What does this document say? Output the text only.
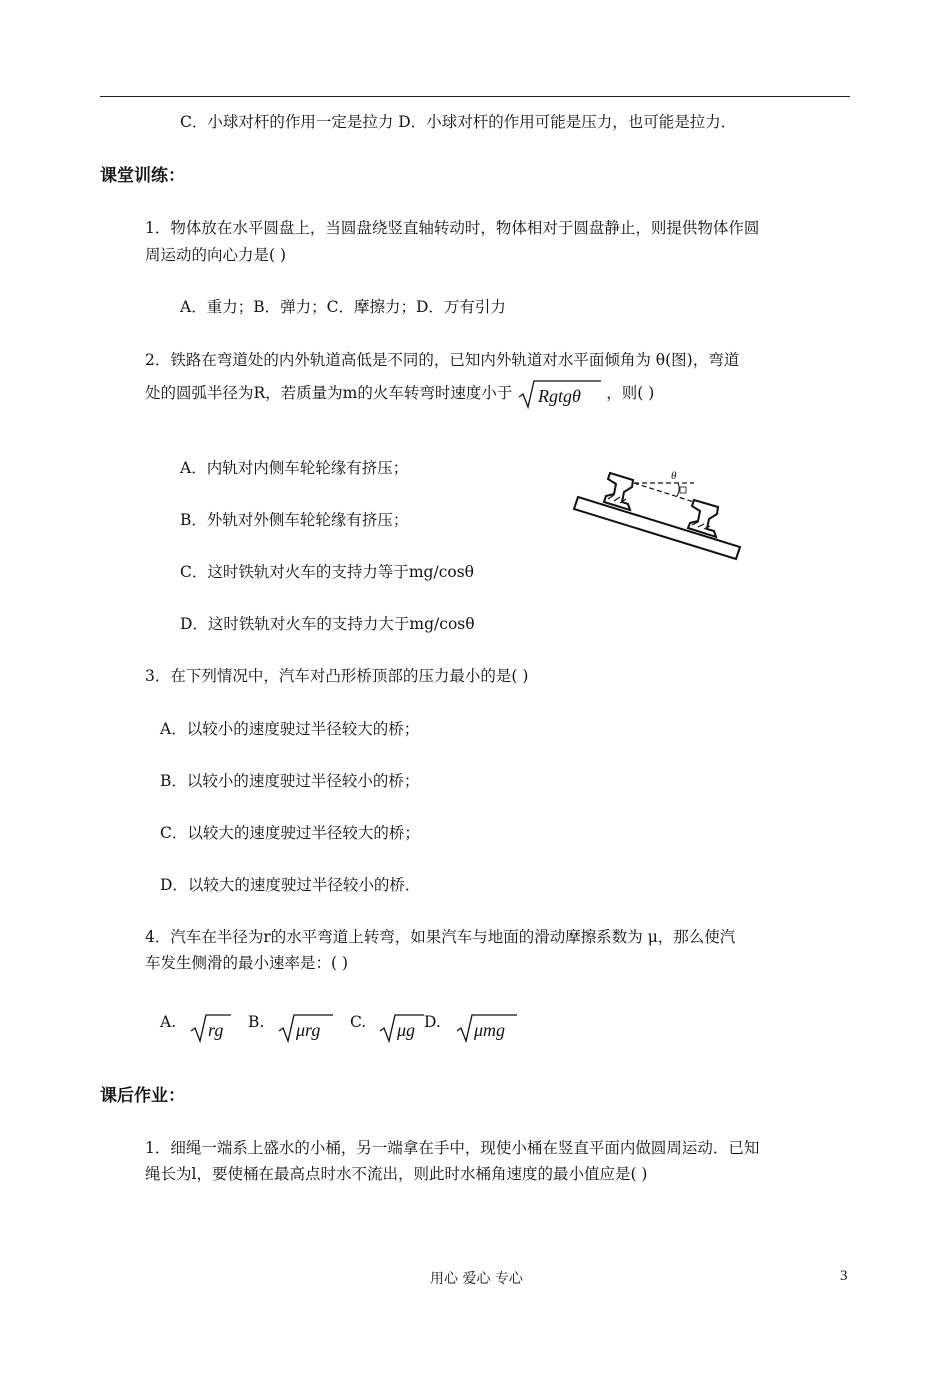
C．小球对杆的作用一定是拉力 D．小球对杆的作用可能是压力，也可能是拉力．
课堂训练：
1．物体放在水平圆盘上，当圆盘绕竖直轴转动时，物体相对于圆盘静止，则提供物体作圆
周运动的向心力是( )
A．重力；B．弹力；C．摩擦力；D．万有引力
2．铁路在弯道处的内外轨道高低是不同的，已知内外轨道对水平面倾角为 θ(图)，弯道
处的圆弧半径为R，若质量为m的火车转弯时速度小于 Rgtgθ ，则( )
A．内轨对内侧车轮轮缘有挤压；
B．外轨对外侧车轮轮缘有挤压；
C．这时铁轨对火车的支持力等于mg/cosθ
D．这时铁轨对火车的支持力大于mg/cosθ
θ
3．在下列情况中，汽车对凸形桥顶部的压力最小的是( )
A．以较小的速度驶过半径较大的桥；
B．以较小的速度驶过半径较小的桥；
C．以较大的速度驶过半径较大的桥；
D．以较大的速度驶过半径较小的桥．
4．汽车在半径为r的水平弯道上转弯，如果汽车与地面的滑动摩擦系数为 μ，那么使汽
车发生侧滑的最小速率是：( )
A. rg B. μrg C. μg D. μmg
课后作业：
1．细绳一端系上盛水的小桶，另一端拿在手中，现使小桶在竖直平面内做圆周运动．已知
绳长为l，要使桶在最高点时水不流出，则此时水桶角速度的最小值应是( )
用心 爱心 专心	3
